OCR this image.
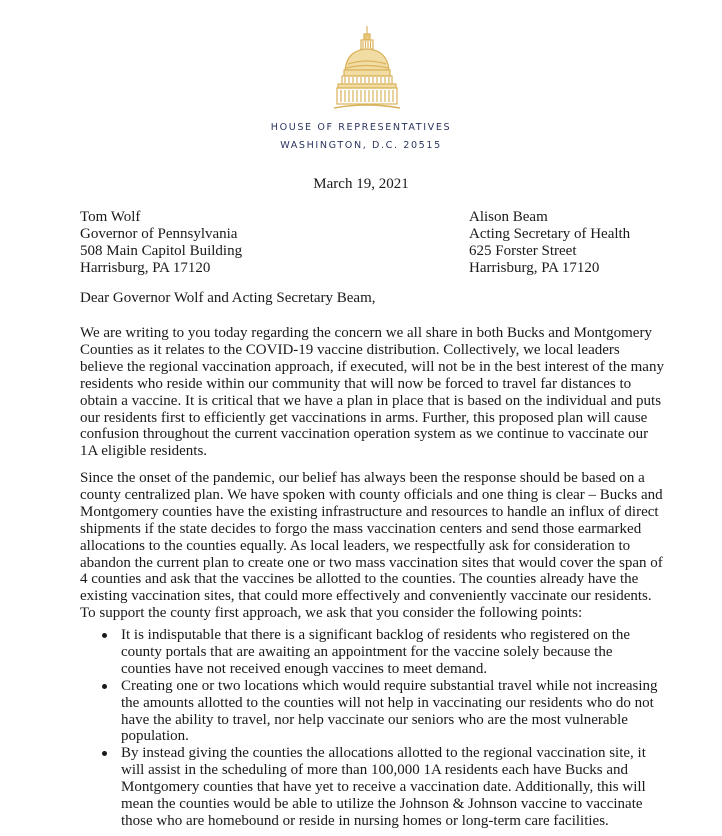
HOUSE OF REPRESENTATIVES
WASHINGTON, D.C. 20515
March 19, 2021
Tom Wolf
Governor of Pennsylvania
508 Main Capitol Building
Harrisburg, PA 17120
Alison Beam
Acting Secretary of Health
625 Forster Street
Harrisburg, PA 17120
Dear Governor Wolf and Acting Secretary Beam,
We are writing to you today regarding the concern we all share in both Bucks and Montgomery
Counties as it relates to the COVID-19 vaccine distribution. Collectively, we local leaders
believe the regional vaccination approach, if executed, will not be in the best interest of the many
residents who reside within our community that will now be forced to travel far distances to
obtain a vaccine. It is critical that we have a plan in place that is based on the individual and puts
our residents first to efficiently get vaccinations in arms. Further, this proposed plan will cause
confusion throughout the current vaccination operation system as we continue to vaccinate our
1A eligible residents.
Since the onset of the pandemic, our belief has always been the response should be based on a
county centralized plan. We have spoken with county officials and one thing is clear – Bucks and
Montgomery counties have the existing infrastructure and resources to handle an influx of direct
shipments if the state decides to forgo the mass vaccination centers and send those earmarked
allocations to the counties equally. As local leaders, we respectfully ask for consideration to
abandon the current plan to create one or two mass vaccination sites that would cover the span of
4 counties and ask that the vaccines be allotted to the counties. The counties already have the
existing vaccination sites, that could more effectively and conveniently vaccinate our residents.
To support the county first approach, we ask that you consider the following points:
It is indisputable that there is a significant backlog of residents who registered on the
county portals that are awaiting an appointment for the vaccine solely because the
counties have not received enough vaccines to meet demand.
Creating one or two locations which would require substantial travel while not increasing
the amounts allotted to the counties will not help in vaccinating our residents who do not
have the ability to travel, nor help vaccinate our seniors who are the most vulnerable
population.
By instead giving the counties the allocations allotted to the regional vaccination site, it
will assist in the scheduling of more than 100,000 1A residents each have Bucks and
Montgomery counties that have yet to receive a vaccination date. Additionally, this will
mean the counties would be able to utilize the Johnson & Johnson vaccine to vaccinate
those who are homebound or reside in nursing homes or long-term care facilities.
